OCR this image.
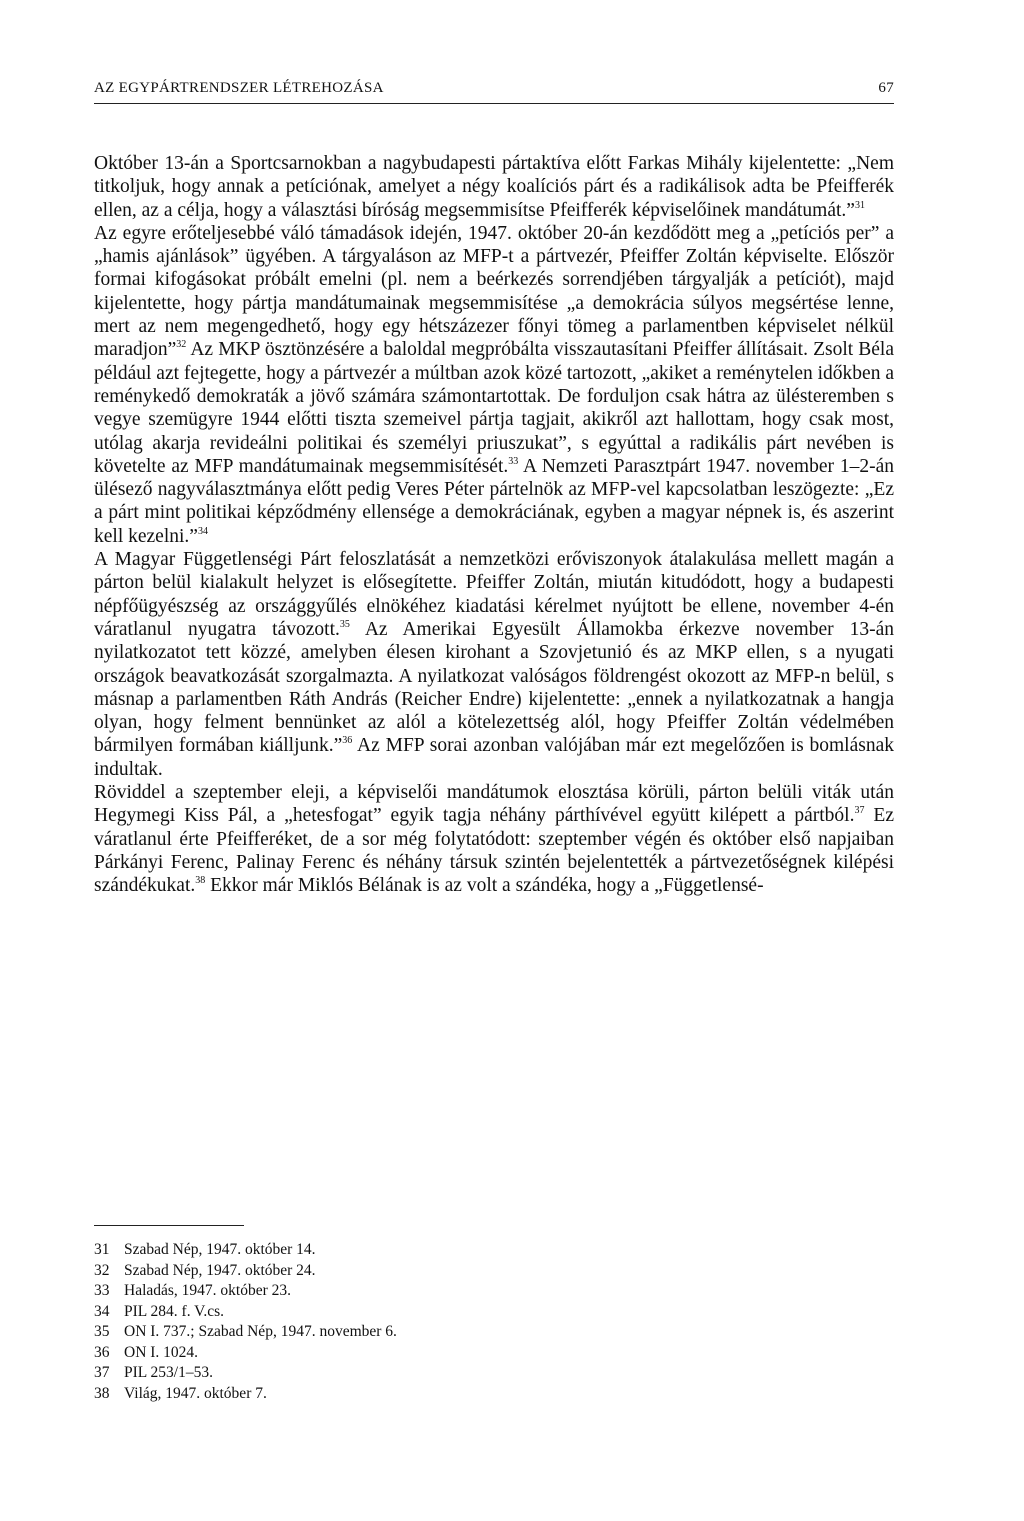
AZ EGYPÁRTRENDSZER LÉTREHOZÁSA	67

Október 13-án a Sportcsarnokban a nagybudapesti pártaktíva előtt Farkas Mihály kijelentette: „Nem titkoljuk, hogy annak a petíciónak, amelyet a négy koalíciós párt és a radikálisok adta be Pfeifferék ellen, az a célja, hogy a választási bíróság megsemmisítse Pfeifferék képviselőinek mandátumát.”$^{31}$

Az egyre erőteljesebbé váló támadások idején, 1947. október 20-án kezdődött meg a „petíciós per” a „hamis ajánlások” ügyében. A tárgyaláson az MFP-t a pártvezér, Pfeiffer Zoltán képviselte. Először formai kifogásokat próbált emelni (pl. nem a beérkezés sorrendjében tárgyalják a petíciót), majd kijelentette, hogy pártja mandátumainak megsemmisítése „a demokrácia súlyos megsértése lenne, mert az nem megengedhető, hogy egy hétszázezer főnyi tömeg a parlamentben képviselet nélkül maradjon”$^{32}$ Az MKP ösztönzésére a baloldal megpróbálta visszautasítani Pfeiffer állításait. Zsolt Béla például azt fejtegette, hogy a pártvezér a múltban azok közé tartozott, „akiket a reménytelen időkben a reménykedő demokraták a jövő számára számontartottak. De forduljon csak hátra az ülésteremben s vegye szemügyre 1944 előtti tiszta szemeivel pártja tagjait, akikről azt hallottam, hogy csak most, utólag akarja revideálni politikai és személyi priuszukat”, s egyúttal a radikális párt nevében is követelte az MFP mandátumainak megsemmisítését.$^{33}$ A Nemzeti Parasztpárt 1947. november 1–2-án ülésező nagyválasztmánya előtt pedig Veres Péter pártelnök az MFP-vel kapcsolatban leszögezte: „Ez a párt mint politikai képződmény ellensége a demokráciának, egyben a magyar népnek is, és aszerint kell kezelni.”$^{34}$

A Magyar Függetlenségi Párt feloszlatását a nemzetközi erőviszonyok átalakulása mellett magán a párton belül kialakult helyzet is elősegítette. Pfeiffer Zoltán, miután kitudódott, hogy a budapesti népfőügyészség az országgyűlés elnökéhez kiadatási kérelmet nyújtott be ellene, november 4-én váratlanul nyugatra távozott.$^{35}$ Az Amerikai Egyesült Államokba érkezve november 13-án nyilatkozatot tett közzé, amelyben élesen kirohant a Szovjetunió és az MKP ellen, s a nyugati országok beavatkozását szorgalmazta. A nyilatkozat valóságos földrengést okozott az MFP-n belül, s másnap a parlamentben Ráth András (Reicher Endre) kijelentette: „ennek a nyilatkozatnak a hangja olyan, hogy felment bennünket az alól a kötelezettség alól, hogy Pfeiffer Zoltán védelmében bármilyen formában kiálljunk.”$^{36}$ Az MFP sorai azonban valójában már ezt megelőzően is bomlásnak indultak.

Röviddel a szeptember eleji, a képviselői mandátumok elosztása körüli, párton belüli viták után Hegymegi Kiss Pál, a „hetesfogat” egyik tagja néhány párthívével együtt kilépett a pártból.$^{37}$ Ez váratlanul érte Pfeifferéket, de a sor még folytatódott: szeptember végén és október első napjaiban Párkányi Ferenc, Palinay Ferenc és néhány társuk szintén bejelentették a pártvezetőségnek kilépési szándékukat.$^{38}$ Ekkor már Miklós Bélának is az volt a szándéka, hogy a „Függetlensé-

31 Szabad Nép, 1947. október 14.
32 Szabad Nép, 1947. október 24.
33 Haladás, 1947. október 23.
34 PIL 284. f. V.cs.
35 ON I. 737.; Szabad Nép, 1947. november 6.
36 ON I. 1024.
37 PIL 253/1–53.
38 Világ, 1947. október 7.
